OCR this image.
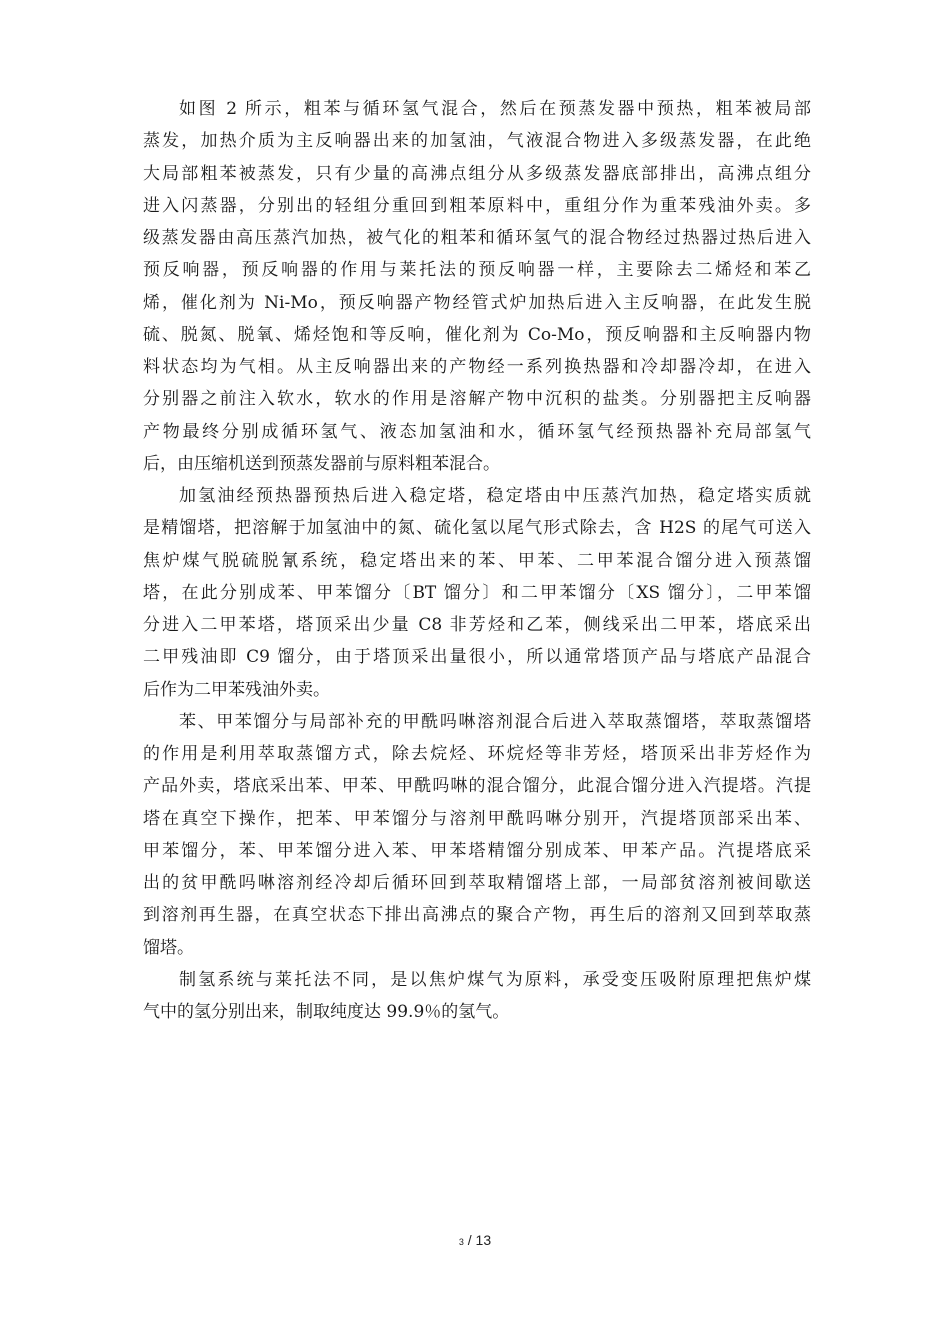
如图 2 所示，粗苯与循环氢气混合，然后在预蒸发器中预热，粗苯被局部
蒸发，加热介质为主反响器出来的加氢油，气液混合物进入多级蒸发器，在此绝
大局部粗苯被蒸发，只有少量的高沸点组分从多级蒸发器底部排出，高沸点组分
进入闪蒸器，分别出的轻组分重回到粗苯原料中，重组分作为重苯残油外卖。多
级蒸发器由高压蒸汽加热，被气化的粗苯和循环氢气的混合物经过热器过热后进入
预反响器，预反响器的作用与莱托法的预反响器一样，主要除去二烯烃和苯乙
烯，催化剂为 Ni-Mo，预反响器产物经管式炉加热后进入主反响器，在此发生脱
硫、脱氮、脱氧、烯烃饱和等反响，催化剂为 Co-Mo，预反响器和主反响器内物
料状态均为气相。从主反响器出来的产物经一系列换热器和冷却器冷却，在进入
分别器之前注入软水，软水的作用是溶解产物中沉积的盐类。分别器把主反响器
产物最终分别成循环氢气、液态加氢油和水，循环氢气经预热器补充局部氢气
后，由压缩机送到预蒸发器前与原料粗苯混合。
加氢油经预热器预热后进入稳定塔，稳定塔由中压蒸汽加热，稳定塔实质就
是精馏塔，把溶解于加氢油中的氮、硫化氢以尾气形式除去，含 H2S 的尾气可送入
焦炉煤气脱硫脱氰系统，稳定塔出来的苯、甲苯、二甲苯混合馏分进入预蒸馏
塔，在此分别成苯、甲苯馏分〔BT 馏分〕和二甲苯馏分〔XS 馏分〕，二甲苯馏
分进入二甲苯塔，塔顶采出少量 C8 非芳烃和乙苯，侧线采出二甲苯，塔底采出
二甲残油即 C9 馏分，由于塔顶采出量很小，所以通常塔顶产品与塔底产品混合
后作为二甲苯残油外卖。
苯、甲苯馏分与局部补充的甲酰吗啉溶剂混合后进入萃取蒸馏塔，萃取蒸馏塔
的作用是利用萃取蒸馏方式，除去烷烃、环烷烃等非芳烃，塔顶采出非芳烃作为
产品外卖，塔底采出苯、甲苯、甲酰吗啉的混合馏分，此混合馏分进入汽提塔。汽提
塔在真空下操作，把苯、甲苯馏分与溶剂甲酰吗啉分别开，汽提塔顶部采出苯、
甲苯馏分，苯、甲苯馏分进入苯、甲苯塔精馏分别成苯、甲苯产品。汽提塔底采
出的贫甲酰吗啉溶剂经冷却后循环回到萃取精馏塔上部，一局部贫溶剂被间歇送
到溶剂再生器，在真空状态下排出高沸点的聚合产物，再生后的溶剂又回到萃取蒸
馏塔。
制氢系统与莱托法不同，是以焦炉煤气为原料，承受变压吸附原理把焦炉煤
气中的氢分别出来，制取纯度达 99.9％的氢气。
3 / 13
